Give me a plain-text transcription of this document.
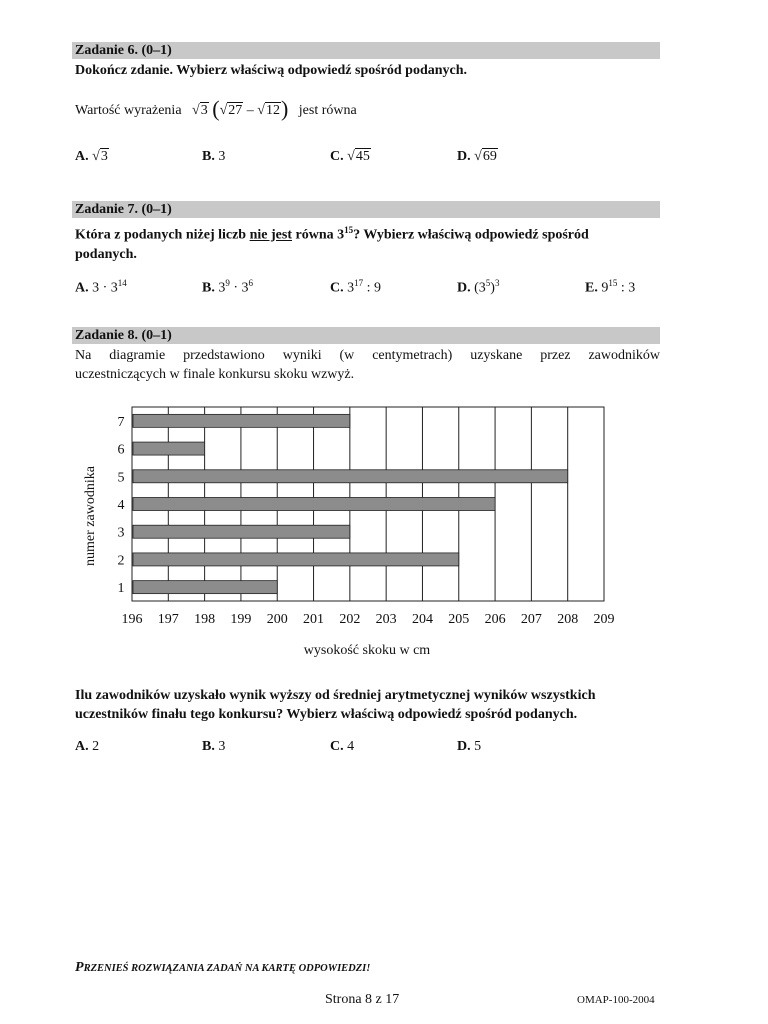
Zadanie 6. (0–1)
Dokończ zdanie. Wybierz właściwą odpowiedź spośród podanych.
Wartość wyrażenia √3 (√27 – √12) jest równa
A. √3	B. 3	C. √45	D. √69
Zadanie 7. (0–1)
Która z podanych niżej liczb nie jest równa $3^{15}$? Wybierz właściwą odpowiedź spośród
podanych.
A. $3 \cdot 3^{14}$	B. $3^9 \cdot 3^6$	C. $3^{17}$ : 9	D. $(3^5)^3$	E. $9^{15}$ : 3
Zadanie 8. (0–1)
Na diagramie przedstawiono wyniki (w centymetrach) uzyskane przez zawodników
uczestniczących w finale konkursu skoku wzwyż.
1
2
3
4
5
6
7
196 197 198 199 200 201 202 203 204 205 206 207 208 209
wysokość skoku w cm
numer zawodnika
Ilu zawodników uzyskało wynik wyższy od średniej arytmetycznej wyników wszystkich
uczestników finału tego konkursu? Wybierz właściwą odpowiedź spośród podanych.
A. 2	B. 3	C. 4	D. 5
PRZENIEŚ ROZWIĄZANIA ZADAŃ NA KARTĘ ODPOWIEDZI!
Strona 8 z 17	OMAP-100-2004
